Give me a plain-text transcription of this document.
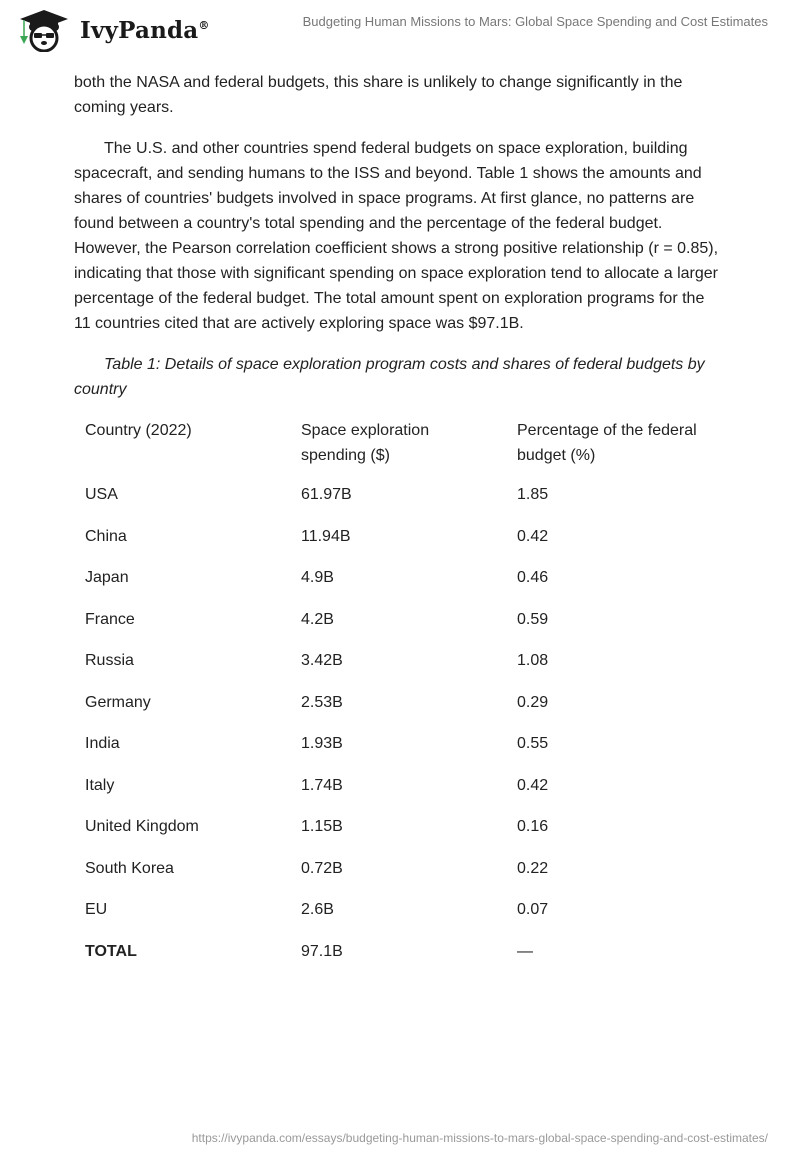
IvyPanda®	Budgeting Human Missions to Mars: Global Space Spending and Cost Estimates

both the NASA and federal budgets, this share is unlikely to change significantly in the coming years.

The U.S. and other countries spend federal budgets on space exploration, building spacecraft, and sending humans to the ISS and beyond. Table 1 shows the amounts and shares of countries' budgets involved in space programs. At first glance, no patterns are found between a country's total spending and the percentage of the federal budget. However, the Pearson correlation coefficient shows a strong positive relationship (r = 0.85), indicating that those with significant spending on space exploration tend to allocate a larger percentage of the federal budget. The total amount spent on exploration programs for the 11 countries cited that are actively exploring space was $97.1B.

Table 1: Details of space exploration program costs and shares of federal budgets by country

Country (2022)	Space exploration spending ($)	Percentage of the federal budget (%)
USA	61.97B	1.85
China	11.94B	0.42
Japan	4.9B	0.46
France	4.2B	0.59
Russia	3.42B	1.08
Germany	2.53B	0.29
India	1.93B	0.55
Italy	1.74B	0.42
United Kingdom	1.15B	0.16
South Korea	0.72B	0.22
EU	2.6B	0.07
TOTAL	97.1B	—
https://ivypanda.com/essays/budgeting-human-missions-to-mars-global-space-spending-and-cost-estimates/
